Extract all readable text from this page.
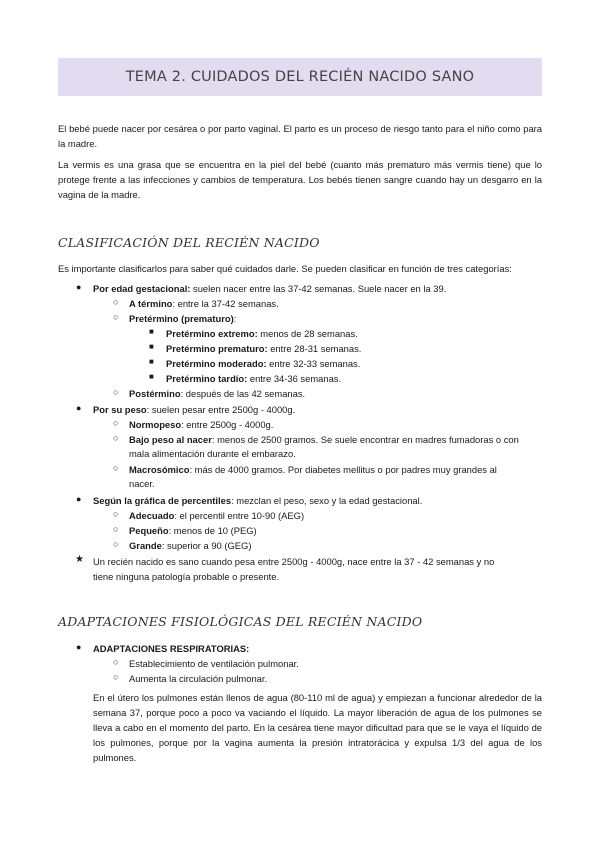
TEMA 2. CUIDADOS DEL RECIÉN NACIDO SANO
El bebé puede nacer por cesárea o por parto vaginal. El parto es un proceso de riesgo tanto para el niño como para la madre.
La vermis es una grasa que se encuentra en la piel del bebé (cuanto más prematuro más vermis tiene) que lo protege frente a las infecciones y cambios de temperatura. Los bebés tienen sangre cuando hay un desgarro en la vagina de la madre.
CLASIFICACIÓN DEL RECIÉN NACIDO
Es importante clasificarlos para saber qué cuidados darle. Se pueden clasificar en función de tres categorías:
● Por edad gestacional: suelen nacer entre las 37-42 semanas. Suele nacer en la 39.
○ A término: entre la 37-42 semanas.
○ Pretérmino (prematuro):
■ Pretérmino extremo: menos de 28 semanas.
■ Pretérmino prematuro: entre 28-31 semanas.
■ Pretérmino moderado: entre 32-33 semanas.
■ Pretérmino tardío: entre 34-36 semanas.
○ Postérmino: después de las 42 semanas.
● Por su peso: suelen pesar entre 2500g - 4000g.
○ Normopeso: entre 2500g - 4000g.
○ Bajo peso al nacer: menos de 2500 gramos. Se suele encontrar en madres fumadoras o con
mala alimentación durante el embarazo.
○ Macrosómico: más de 4000 gramos. Por diabetes mellitus o por padres muy grandes al
nacer.
● Según la gráfica de percentiles: mezclan el peso, sexo y la edad gestacional.
○ Adecuado: el percentil entre 10-90 (AEG)
○ Pequeño: menos de 10 (PEG)
○ Grande: superior a 90 (GEG)
★ Un recién nacido es sano cuando pesa entre 2500g - 4000g, nace entre la 37 - 42 semanas y no
tiene ninguna patología probable o presente.
ADAPTACIONES FISIOLÓGICAS DEL RECIÉN NACIDO
● ADAPTACIONES RESPIRATORIAS:
○ Establecimiento de ventilación pulmonar.
○ Aumenta la circulación pulmonar.
En el útero los pulmones están llenos de agua (80-110 ml de agua) y empiezan a funcionar alrededor de la semana 37, porque poco a poco va vaciando el líquido. La mayor liberación de agua de los pulmones se lleva a cabo en el momento del parto. En la cesárea tiene mayor dificultad para que se le vaya el líquido de los pulmones, porque por la vagina aumenta la presión intratorácica y expulsa 1/3 del agua de los pulmones.
